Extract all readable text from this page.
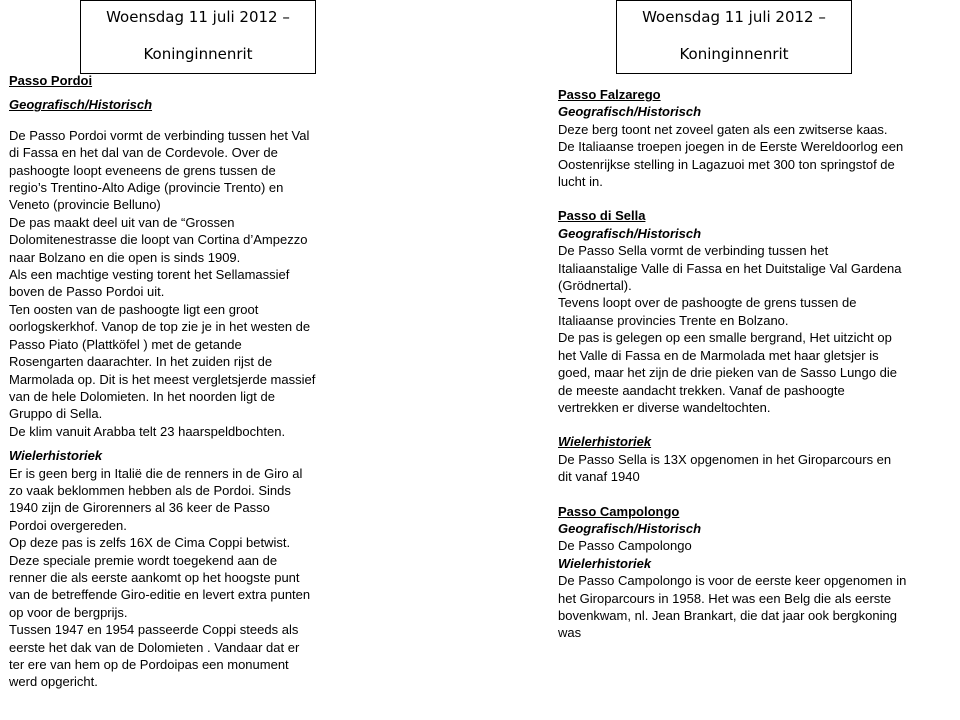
Woensdag 11 juli 2012 –
Koninginnenrit
Woensdag 11 juli 2012 –
Koninginnenrit

Passo Pordoi

Geografisch/Historisch

De Passo Pordoi vormt de verbinding tussen het Val

di Fassa en het dal van de Cordevole. Over de

pashoogte loopt eveneens de grens tussen de

regio’s Trentino-Alto Adige (provincie Trento) en

Veneto (provincie Belluno)

De pas maakt deel uit van de “Grossen

Dolomitenestrasse die loopt van Cortina d’Ampezzo

naar Bolzano en die open is sinds 1909.

Als een machtige vesting torent het Sellamassief

boven de Passo Pordoi uit.

Ten oosten van de pashoogte ligt een groot

oorlogskerkhof. Vanop de top zie je in het westen de

Passo Piato (Plattköfel ) met de getande

Rosengarten daarachter. In het zuiden rijst de

Marmolada op. Dit is het meest vergletsjerde massief

van de hele Dolomieten. In het noorden ligt de

Gruppo di Sella.

De klim vanuit Arabba telt 23 haarspeldbochten.

Wielerhistoriek

Er is geen berg in Italië die de renners in de Giro al

zo vaak beklommen hebben als de Pordoi. Sinds

1940 zijn de Girorenners al 36 keer de Passo

Pordoi overgereden.

Op deze pas is zelfs 16X de Cima Coppi betwist.

Deze speciale premie wordt toegekend aan de

renner die als eerste aankomt op het hoogste punt

van de betreffende Giro-editie en levert extra punten

op voor de bergprijs.

Tussen 1947 en 1954 passeerde Coppi steeds als

eerste het dak van de Dolomieten . Vandaar dat er

ter ere van hem op de Pordoipas een monument

werd opgericht.

Passo Falzarego

Geografisch/Historisch

Deze berg toont net zoveel gaten als een zwitserse kaas.

De Italiaanse troepen joegen in de Eerste Wereldoorlog een

Oostenrijkse stelling in Lagazuoi met 300 ton springstof de

lucht in.

Passo di Sella

Geografisch/Historisch

De Passo Sella vormt de verbinding tussen het

Italiaanstalige Valle di Fassa en het Duitstalige Val Gardena

(Grödnertal).

Tevens loopt over de pashoogte de grens tussen de

Italiaanse provincies Trente en Bolzano.

De pas is gelegen op een smalle bergrand, Het uitzicht op

het Valle di Fassa en de Marmolada met haar gletsjer is

goed, maar het zijn de drie pieken van de Sasso Lungo die

de meeste aandacht trekken. Vanaf de pashoogte

vertrekken er diverse wandeltochten.

Wielerhistoriek

De Passo Sella is 13X opgenomen in het Giroparcours en

dit vanaf 1940

Passo Campolongo

Geografisch/Historisch

De Passo Campolongo

Wielerhistoriek

De Passo Campolongo is voor de eerste keer opgenomen in

het Giroparcours in 1958. Het was een Belg die als eerste

bovenkwam, nl. Jean Brankart, die dat jaar ook bergkoning

was
